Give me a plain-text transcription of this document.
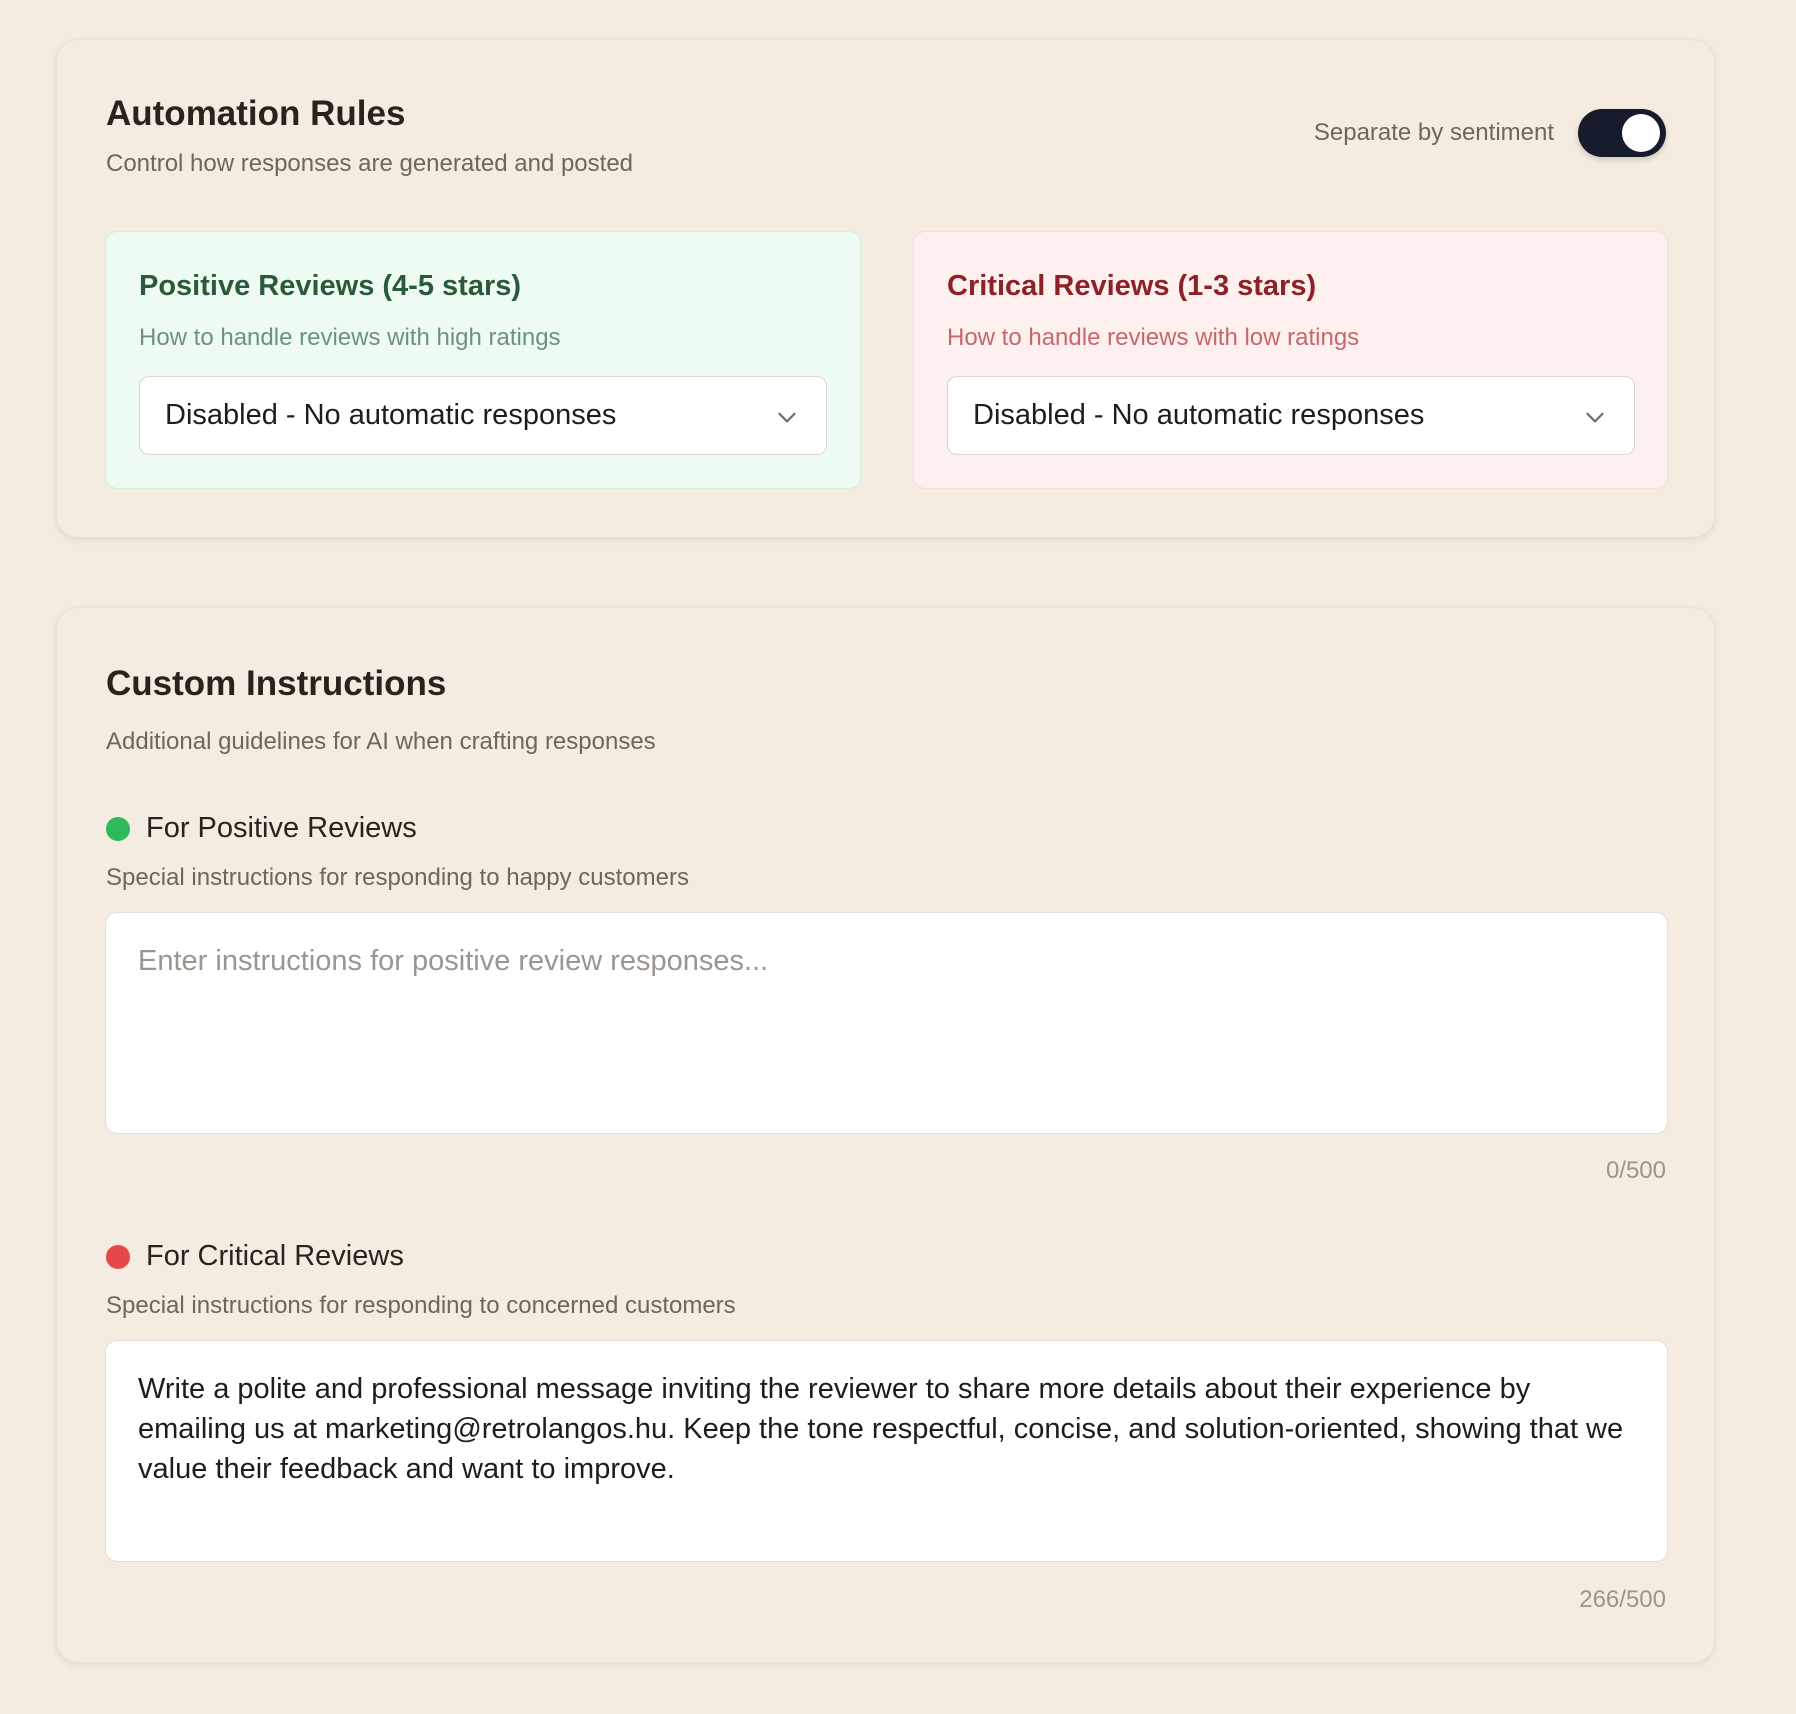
Automation Rules

Control how responses are generated and posted

Separate by sentiment
Positive Reviews (4-5 stars)

How to handle reviews with high ratings

Disabled - No automatic responses
Critical Reviews (1-3 stars)

How to handle reviews with low ratings

Disabled - No automatic responses
Custom Instructions

Additional guidelines for AI when crafting responses

For Positive Reviews

Special instructions for responding to happy customers

Enter instructions for positive review responses...

0/500

For Critical Reviews

Special instructions for responding to concerned customers

Write a polite and professional message inviting the reviewer to share more details about their experience by emailing us at marketing@retrolangos.hu. Keep the tone respectful, concise, and solution-oriented, showing that we value their feedback and want to improve.

266/500
